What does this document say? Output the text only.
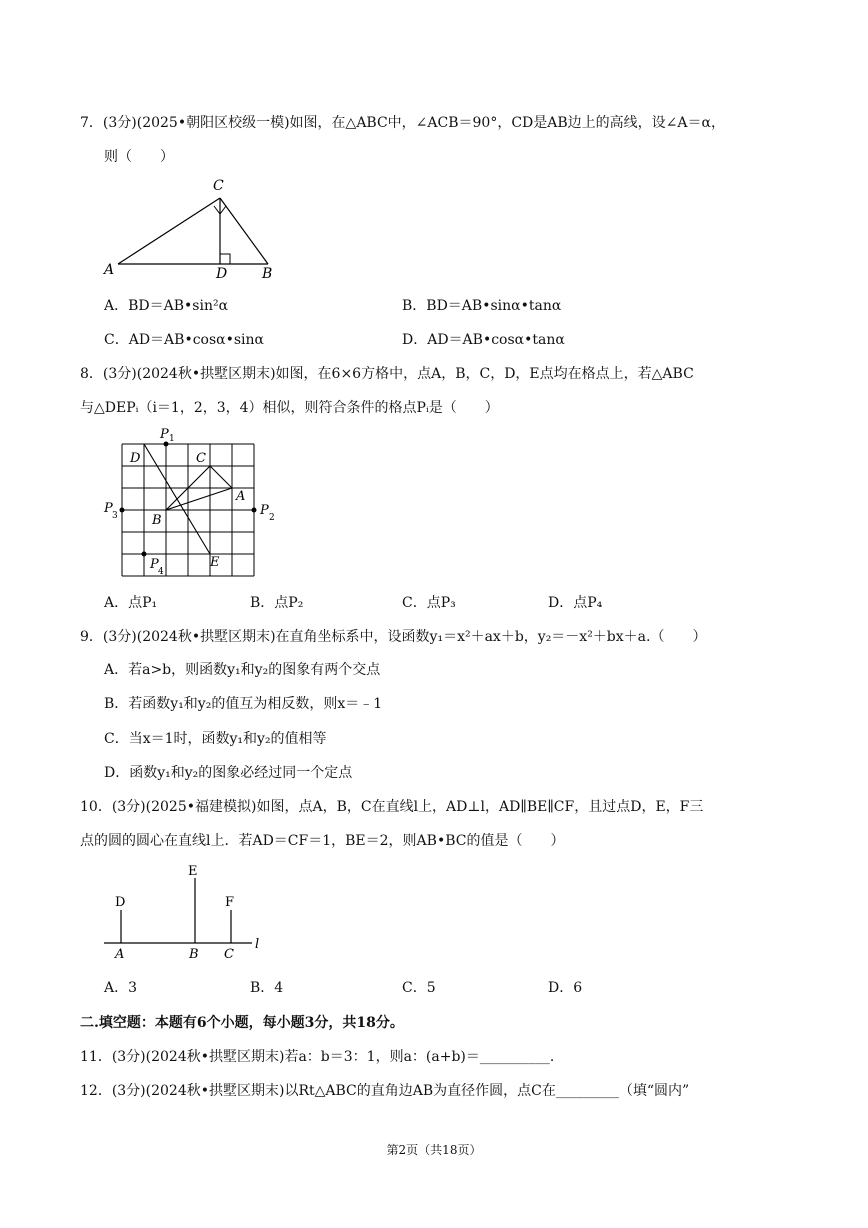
7．(3分)(2025•朝阳区校级一模)如图，在△ABC中，∠ACB＝90°，CD是AB边上的高线，设∠A＝α，
则（　　）
A	B
C
D
A．BD＝AB•sin²α	B．BD＝AB•sinα•tanα
C．AD＝AB•cosα•sinα	D．AD＝AB•cosα•tanα
8．(3分)(2024秋•拱墅区期末)如图，在6×6方格中，点A，B，C，D，E点均在格点上，若△ABC
与△DEPᵢ（i＝1，2，3，4）相似，则符合条件的格点Pᵢ是（　　）
P 1
P 2
P 3
P 4
A
B
C
D
E
A．点P₁	B．点P₂	C．点P₃	D．点P₄
9．(3分)(2024秋•拱墅区期末)在直角坐标系中，设函数y₁＝x²＋ax＋b，y₂＝－x²＋bx＋a.（　　）
A．若a>b，则函数y₁和y₂的图象有两个交点
B．若函数y₁和y₂的值互为相反数，则x＝﹣1
C．当x＝1时，函数y₁和y₂的值相等
D．函数y₁和y₂的图象必经过同一个定点
10．(3分)(2025•福建模拟)如图，点A，B，C在直线l上，AD⊥l，AD∥BE∥CF，且过点D，E，F三
点的圆的圆心在直线l上．若AD＝CF＝1，BE＝2，则AB•BC的值是（　　）
D
E
F
A	B C
l
A．3	B．4	C．5	D．6
二.填空题：本题有6个小题，每小题3分，共18分。
11．(3分)(2024秋•拱墅区期末)若a：b＝3：1，则a：(a+b)＝__________．
12．(3分)(2024秋•拱墅区期末)以Rt△ABC的直角边AB为直径作圆，点C在_________（填“圆内”
第2页（共18页）
